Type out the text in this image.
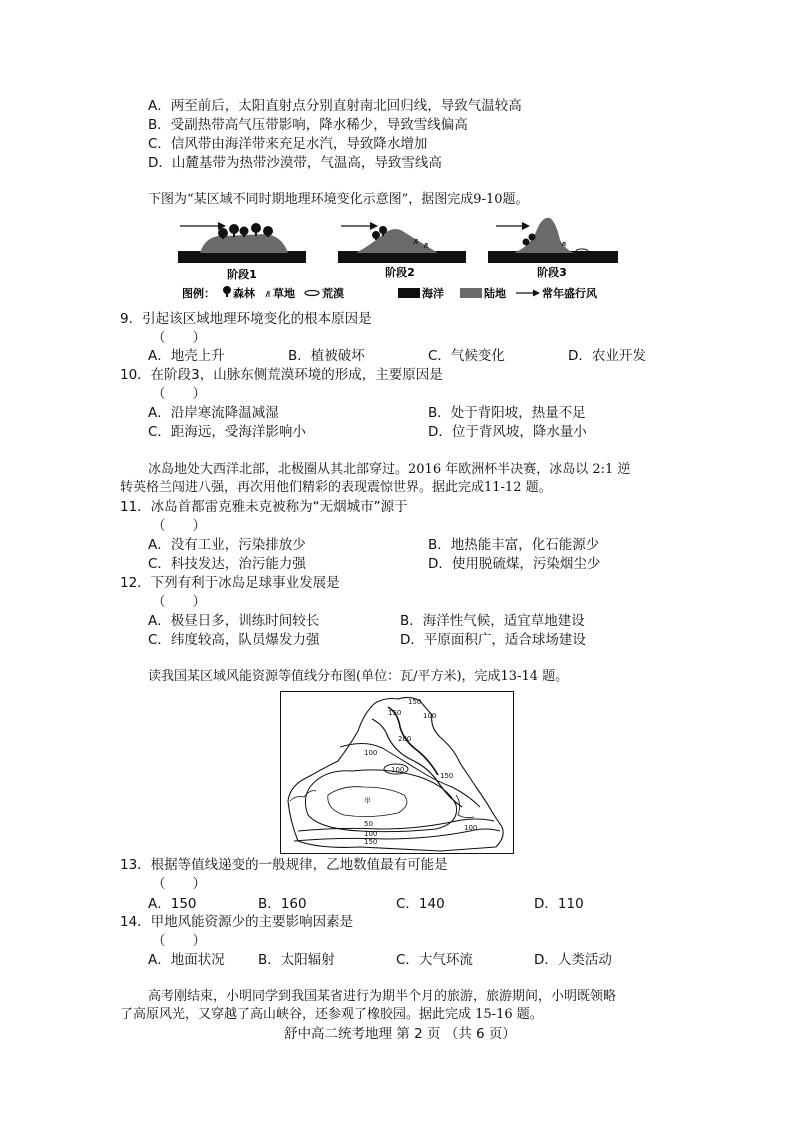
A．两至前后，太阳直射点分别直射南北回归线，导致气温较高
B．受副热带高气压带影响，降水稀少，导致雪线偏高
C．信风带由海洋带来充足水汽，导致降水增加
D．山麓基带为热带沙漠带，气温高，导致雪线高
下图为“某区域不同时期地理环境变化示意图”，据图完成9-10题。
阶段1	阶段2	阶段3
图例： 森林 草地 荒漠	海洋	陆地	常年盛行风
9．引起该区域地理环境变化的根本原因是
（　　）
A．地壳上升	B．植被破坏	C．气候变化	D．农业开发
10．在阶段3，山脉东侧荒漠环境的形成，主要原因是
（　　）
A．沿岸寒流降温减湿	B．处于背阳坡，热量不足
C．距海远，受海洋影响小	D．位于背风坡，降水量小
冰岛地处大西洋北部，北极圈从其北部穿过。2016 年欧洲杯半决赛，冰岛以 2:1 逆
转英格兰闯进八强，再次用他们精彩的表现震惊世界。据此完成11-12 题。
11．冰岛首都雷克雅未克被称为“无烟城市”源于
（　　）
A．没有工业，污染排放少	B．地热能丰富，化石能源少
C．科技发达，治污能力强	D．使用脱硫煤，污染烟尘少
12．下列有利于冰岛足球事业发展是
（　　）
A．极昼日多，训练时间较长	B．海洋性气候，适宜草地建设
C．纬度较高，队员爆发力强	D．平原面积广，适合球场建设
读我国某区域风能资源等值线分布图(单位：瓦/平方米)，完成13-14 题。
150
150	100
200
100
100
150
甲
50
100
150
100
13．根据等值线递变的一般规律，乙地数值最有可能是
（　　）
A．150	B．160	C．140	D．110
14．甲地风能资源少的主要影响因素是
（　　）
A．地面状况 B．太阳辐射	C．大气环流	D．人类活动
高考刚结束，小明同学到我国某省进行为期半个月的旅游，旅游期间，小明既领略
了高原风光，又穿越了高山峡谷，还参观了橡胶园。据此完成 15-16 题。
舒中高二统考地理 第 2 页 （共 6 页）
